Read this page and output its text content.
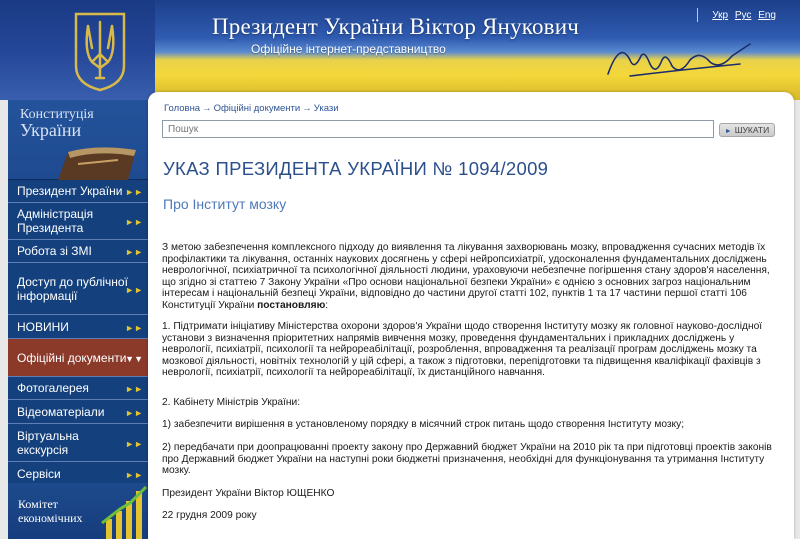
Президент України Віктор Янукович
Офіційне інтернет-представництво
Укр Рус Eng
Конституція
України
Президент України ►►
Адміністрація Президента	►►
Робота зі ЗМІ	►►
Доступ до публічної інформації	►►
НОВИНИ	►►
Офіційні документи
▼▼
Фотогалерея	►►
Відеоматеріали ►►
Віртуальна екскурсія	►►
Сервіси	►►
Комітет
економічних
Головна → Офіційні документи → Укази
Пошук
► ШУКАТИ
УКАЗ ПРЕЗИДЕНТА УКРАЇНИ № 1094/2009
Про Інститут мозку
З метою забезпечення комплексного підходу до виявлення та лікування захворювань мозку, впровадження сучасних методів їх профілактики та лікування, останніх наукових досягнень у сфері нейропсихіатрії, удосконалення фундаментальних досліджень неврологічної, психіатричної та психологічної діяльності людини, ураховуючи небезпечне погіршення стану здоров'я населення, що згідно зі статтею 7 Закону України «Про основи національної безпеки України» є однією з основних загроз національним інтересам і національній безпеці України, відповідно до частини другої статті 102, пунктів 1 та 17 частини першої статті 106 Конституції України постановляю:
1. Підтримати ініціативу Міністерства охорони здоров'я України щодо створення Інституту мозку як головної науково-дослідної установи з визначення пріоритетних напрямів вивчення мозку, проведення фундаментальних і прикладних досліджень у неврології, психіатрії, психології та нейрореабілітації, розроблення, впровадження та реалізації програм досліджень мозку та мозкової діяльності, новітніх технологій у цій сфері, а також з підготовки, перепідготовки та підвищення кваліфікації фахівців з неврології, психіатрії, психології та нейрореабілітації, їх дистанційного навчання.
2. Кабінету Міністрів України:
1) забезпечити вирішення в установленому порядку в місячний строк питань щодо створення Інституту мозку;
2) передбачати при доопрацюванні проекту закону про Державний бюджет України на 2010 рік та при підготовці проектів законів про Державний бюджет України на наступні роки бюджетні призначення, необхідні для функціонування та утримання Інституту мозку.
Президент України Віктор ЮЩЕНКО
22 грудня 2009 року
